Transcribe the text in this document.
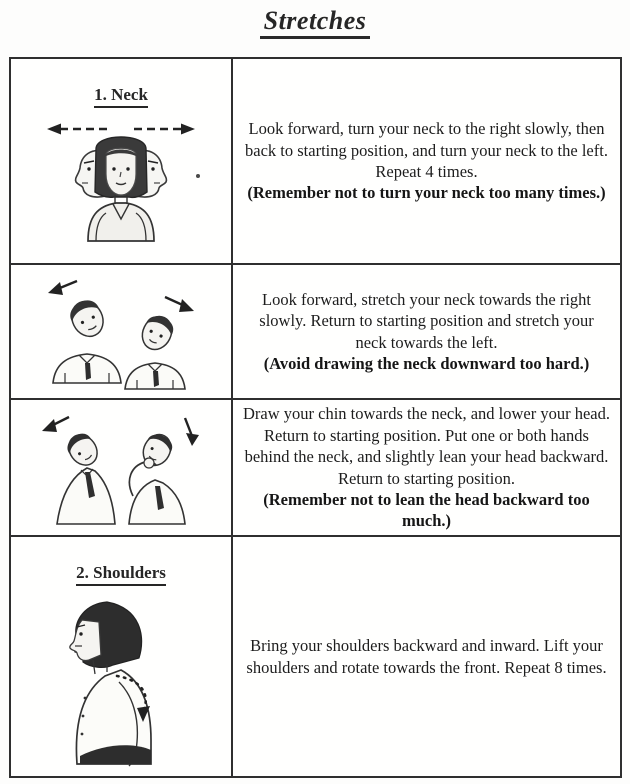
Stretches
1. Neck
Look forward, turn your neck to the right slowly, then back to starting position, and turn your neck to the left. Repeat 4 times.
(Remember not to turn your neck too many times.)
Look forward, stretch your neck towards the right slowly. Return to starting position and stretch your neck towards the left.
(Avoid drawing the neck downward too hard.)
Draw your chin towards the neck, and lower your head. Return to starting position. Put one or both hands behind the neck, and slightly lean your head backward. Return to starting position.
(Remember not to lean the head backward too much.)
2. Shoulders
Bring your shoulders backward and inward. Lift your shoulders and rotate towards the front. Repeat 8 times.
